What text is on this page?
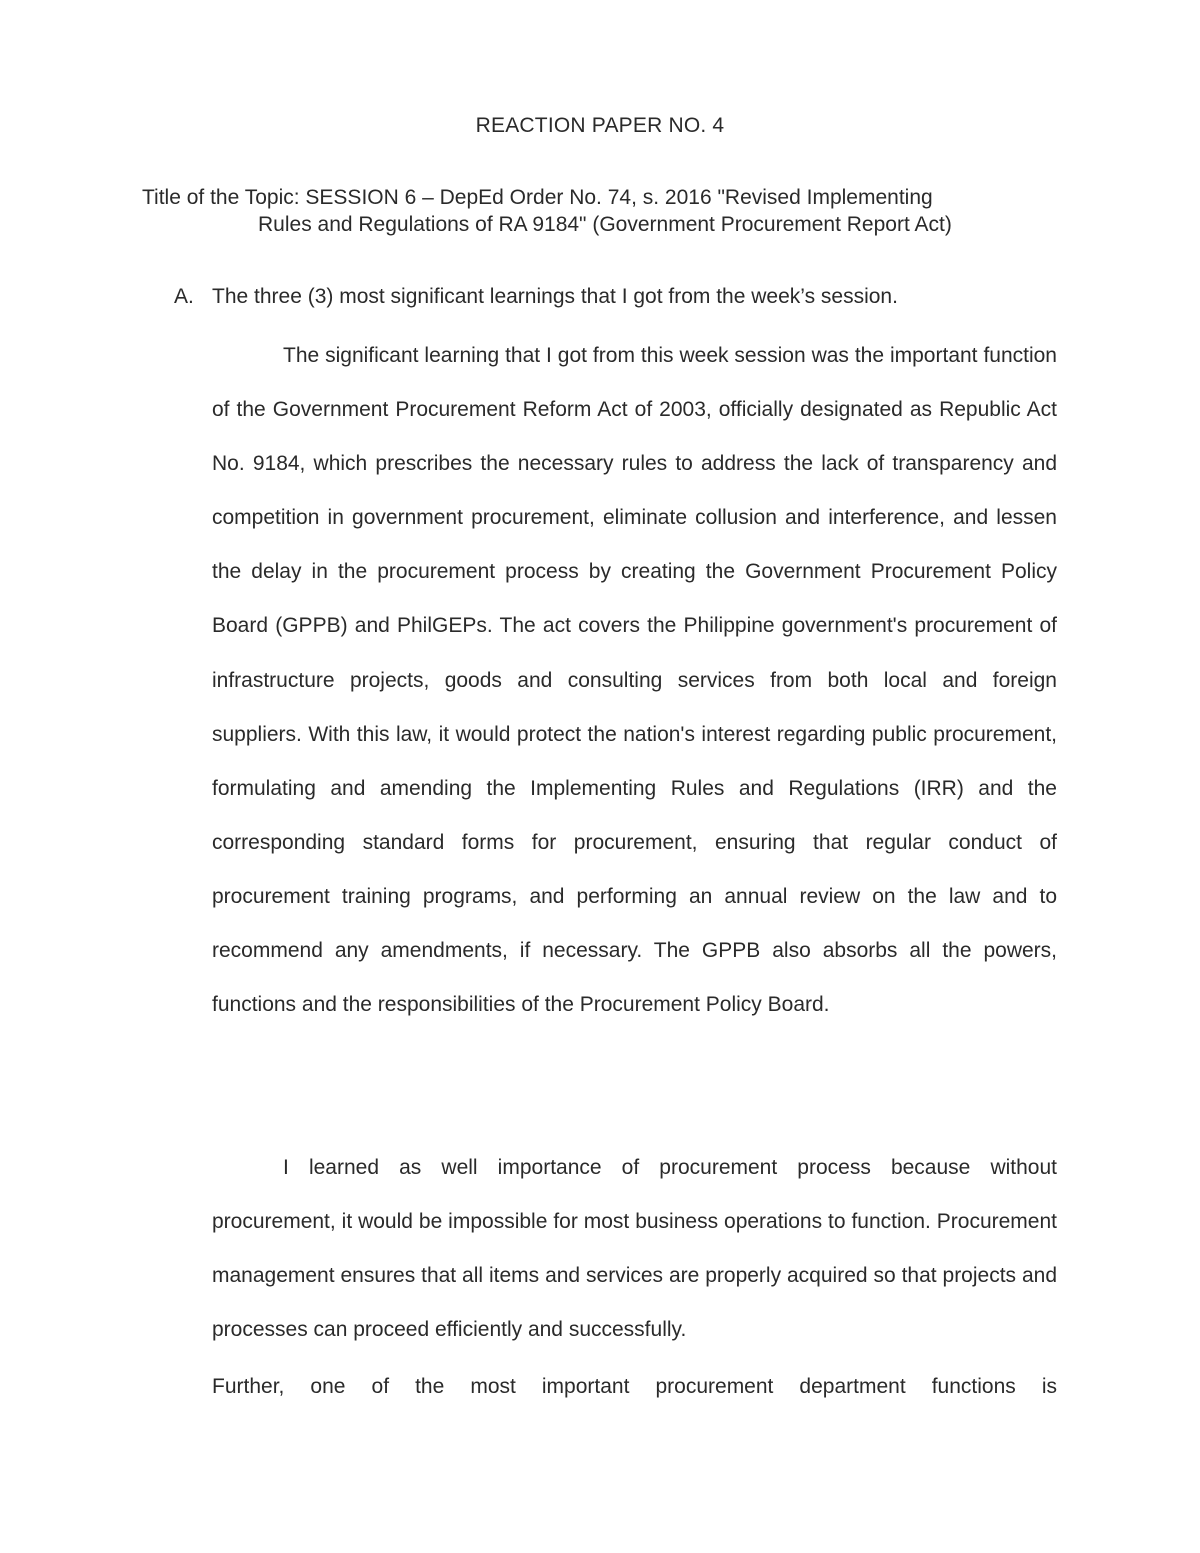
REACTION PAPER NO. 4
Title of the Topic: SESSION 6 – DepEd Order No. 74, s. 2016 "Revised Implementing
Rules and Regulations of RA 9184" (Government Procurement Report Act)
A. The three (3) most significant learnings that I got from the week’s session.

The significant learning that I got from this week session was the important function of the Government Procurement Reform Act of 2003, officially designated as Republic Act No. 9184, which prescribes the necessary rules to address the lack of transparency and competition in government procurement, eliminate collusion and interference, and lessen the delay in the procurement process by creating the Government Procurement Policy Board (GPPB) and PhilGEPs. The act covers the Philippine government's procurement of infrastructure projects, goods and consulting services from both local and foreign suppliers. With this law, it would protect the nation's interest regarding public procurement, formulating and amending the Implementing Rules and Regulations (IRR) and the corresponding standard forms for procurement, ensuring that regular conduct of procurement training programs, and performing an annual review on the law and to recommend any amendments, if necessary. The GPPB also absorbs all the powers, functions and the responsibilities of the Procurement Policy Board.

I learned as well importance of procurement process because without procurement, it would be impossible for most business operations to function. Procurement management ensures that all items and services are properly acquired so that projects and processes can proceed efficiently and successfully.

Further, one of the most important procurement department functions is
